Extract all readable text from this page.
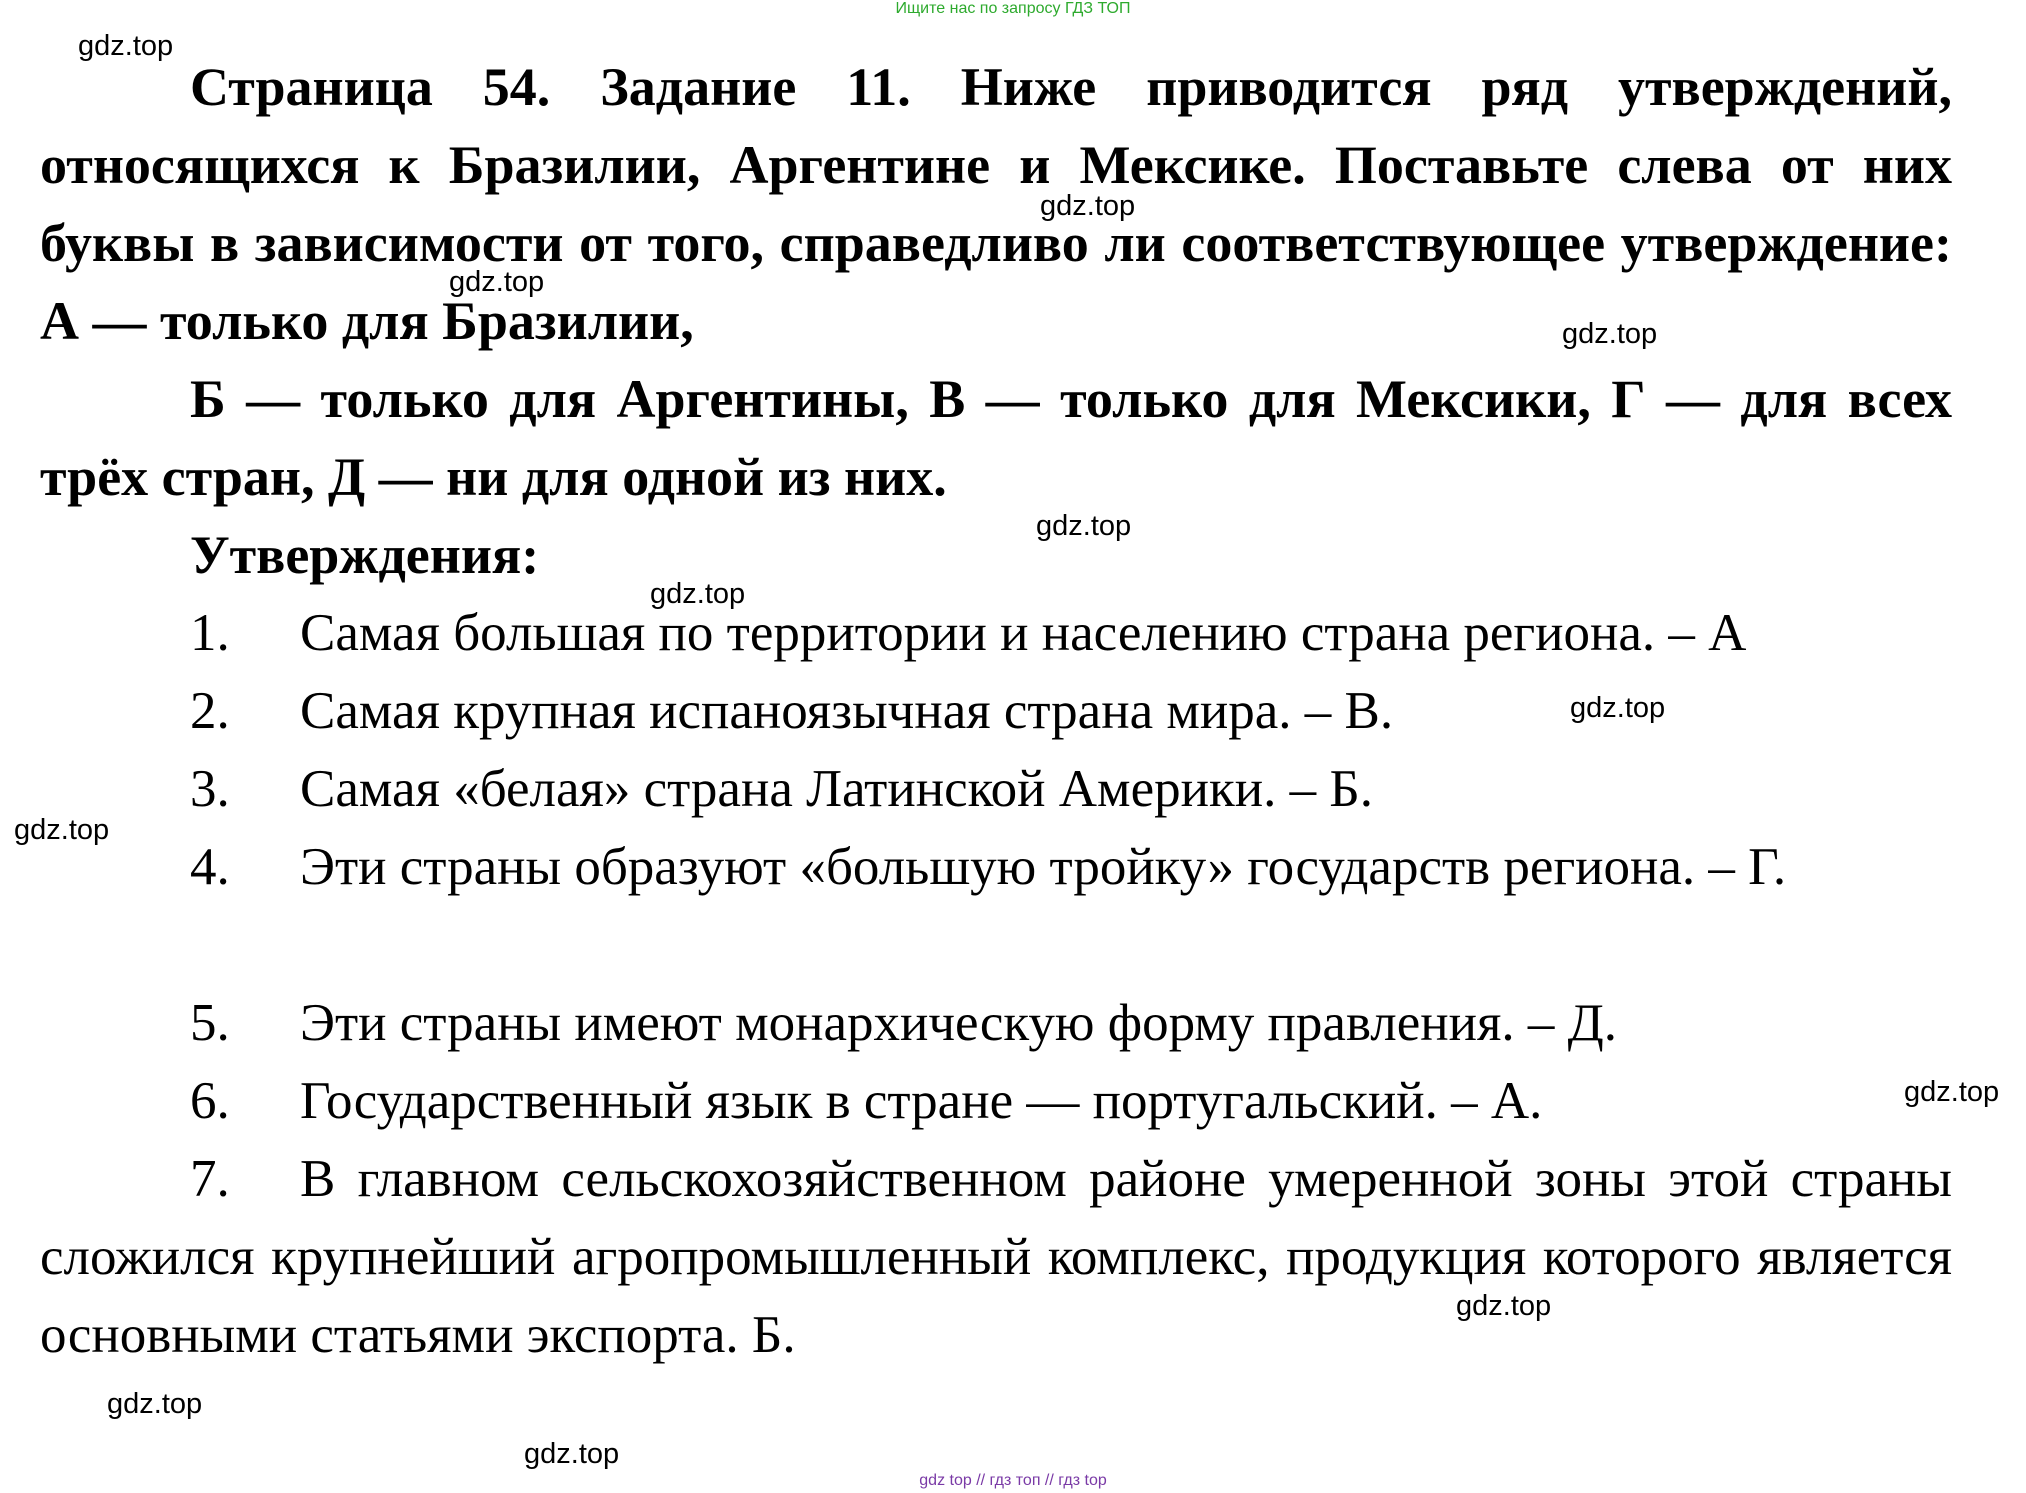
Ищите нас по запросу ГДЗ ТОП
Страница 54. Задание 11. Ниже приводится ряд утверждений, относящихся к Бразилии, Аргентине и Мексике. Поставьте слева от них буквы в зависимости от того, справедливо ли соответствующее утверждение: А — только для Бразилии,
Б — только для Аргентины, В — только для Мексики, Г — для всех трёх стран, Д — ни для одной из них.
Утверждения:
1. Самая большая по территории и населению страна региона. – А
2. Самая крупная испаноязычная страна мира. – В.
3. Самая «белая» страна Латинской Америки. – Б.
4. Эти страны образуют «большую тройку» государств региона. – Г.
5. Эти страны имеют монархическую форму правления. – Д.
6. Государственный язык в стране — португальский. – А.
7. В главном сельскохозяйственном районе умеренной зоны этой страны сложился крупнейший агропромышленный комплекс, продукция которого является основными статьями экспорта. Б.
gdz.top
gdz.top
gdz.top
gdz.top
gdz.top
gdz.top
gdz.top
gdz.top
gdz.top
gdz.top
gdz.top
gdz.top
gdz top // гдз топ // гдз top
